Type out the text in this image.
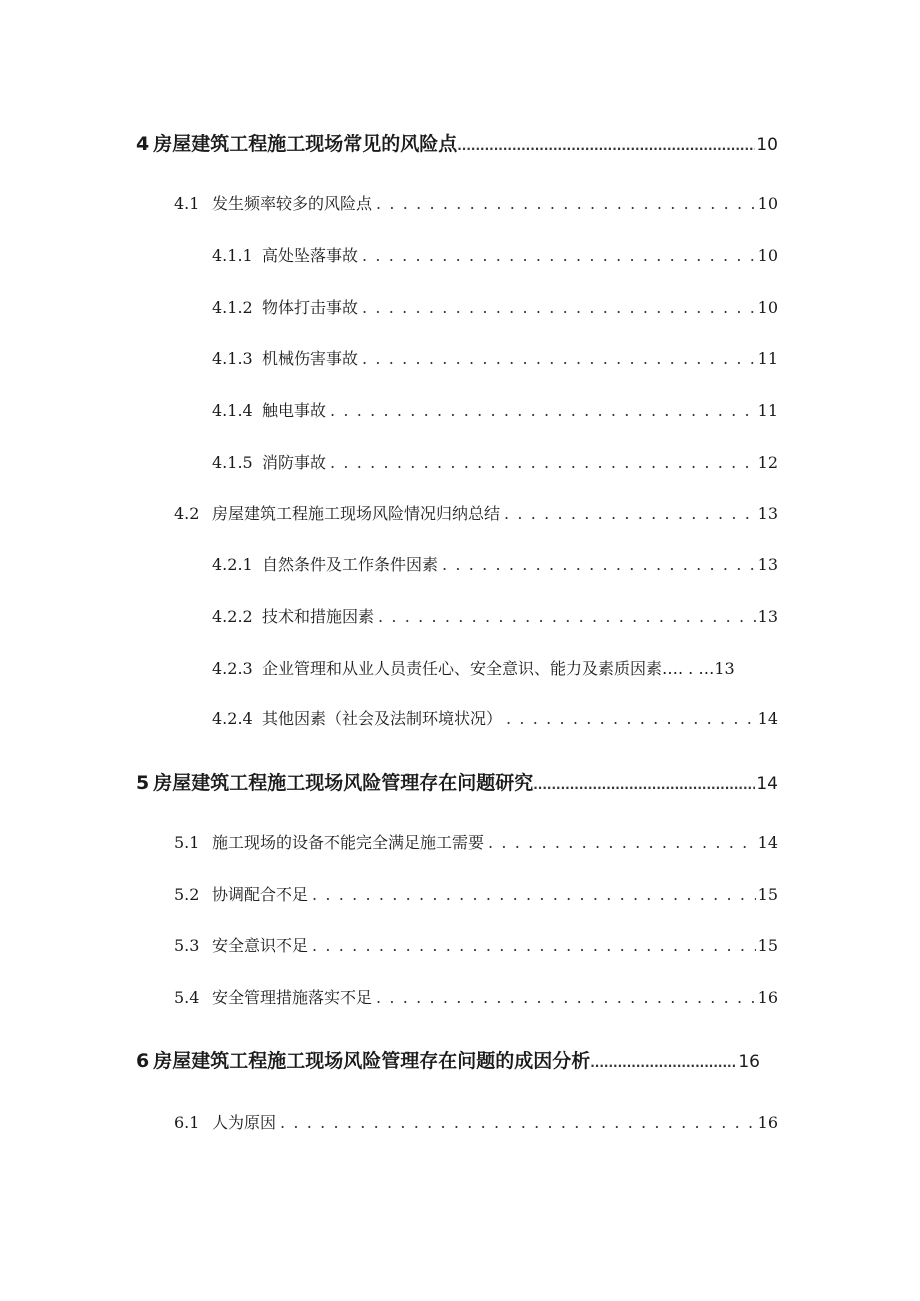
4 房屋建筑工程施工现场常见的风险点 .....	10
4.1 发生频率较多的风险点 . . .	10
4.1.1 高处坠落事故 . . .	10
4.1.2 物体打击事故 . . .	10
4.1.3 机械伤害事故 . . .	11
4.1.4 触电事故 . . .	11
4.1.5 消防事故 . . .	12
4.2 房屋建筑工程施工现场风险情况归纳总结 . . .	13
4.2.1 自然条件及工作条件因素 . . .	13
4.2.2 技术和措施因素 . . .	13
4.2.3 企业管理和从业人员责任心、安全意识、能力及素质因素…. . …13
4.2.4 其他因素（社会及法制环境状况） . . .	14
5 房屋建筑工程施工现场风险管理存在问题研究 .....	14
5.1 施工现场的设备不能完全满足施工需要 . . .	14
5.2 协调配合不足 . . .	15
5.3 安全意识不足 . . .	15
5.4 安全管理措施落实不足 . . .	16
6 房屋建筑工程施工现场风险管理存在问题的成因分析 .....	16
6.1 人为原因 . . .	16
